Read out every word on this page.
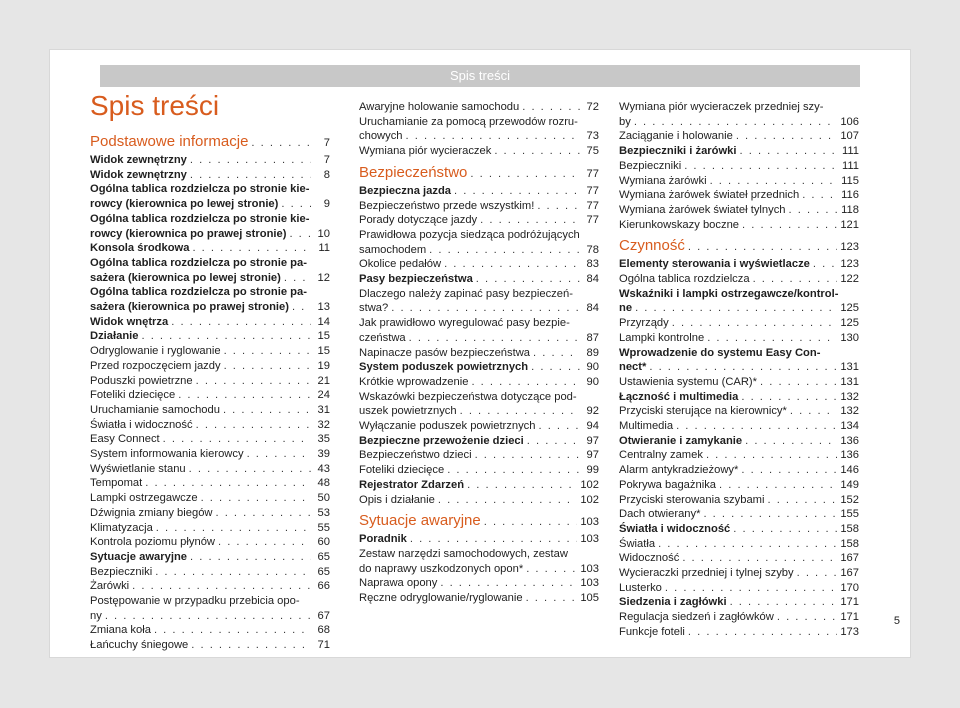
Spis treści
Spis treści
Podstawowe informacje . . .	7
Widok zewnętrzny . . .	7
Widok zewnętrzny . . .	8
Ogólna tablica rozdzielcza po stronie kie-
rowcy (kierownica po lewej stronie) . . .	9
Ogólna tablica rozdzielcza po stronie kie-
rowcy (kierownica po prawej stronie) . . .	10
Konsola środkowa . . .	11
Ogólna tablica rozdzielcza po stronie pa-
sażera (kierownica po lewej stronie) . . .	12
Ogólna tablica rozdzielcza po stronie pa-
sażera (kierownica po prawej stronie) . . .	13
Widok wnętrza . . .	14
Działanie . . .	15
Odryglowanie i ryglowanie . . .	15
Przed rozpoczęciem jazdy . . .	19
Poduszki powietrzne . . .	21
Foteliki dziecięce . . .	24
Uruchamianie samochodu . . .	31
Światła i widoczność . . .	32
Easy Connect . . .	35
System informowania kierowcy . . .	39
Wyświetlanie stanu . . .	43
Tempomat . . .	48
Lampki ostrzegawcze . . .	50
Dźwignia zmiany biegów . . .	53
Klimatyzacja . . .	55
Kontrola poziomu płynów . . .	60
Sytuacje awaryjne . . .	65
Bezpieczniki . . .	65
Żarówki . . .	66
Postępowanie w przypadku przebicia opo-
ny . . .	67
Zmiana koła . . .	68
Łańcuchy śniegowe . . .	71
Awaryjne holowanie samochodu . . .	72
Uruchamianie za pomocą przewodów rozru-
chowych . . .	73
Wymiana piór wycieraczek . . .	75
Bezpieczeństwo . . .	77
Bezpieczna jazda . . .	77
Bezpieczeństwo przede wszystkim! . . .	77
Porady dotyczące jazdy . . .	77
Prawidłowa pozycja siedząca podróżujących
samochodem . . .	78
Okolice pedałów . . .	83
Pasy bezpieczeństwa . . .	84
Dlaczego należy zapinać pasy bezpieczeń-
stwa? . . .	84
Jak prawidłowo wyregulować pasy bezpie-
czeństwa . . .	87
Napinacze pasów bezpieczeństwa . . .	89
System poduszek powietrznych . . .	90
Krótkie wprowadzenie . . .	90
Wskazówki bezpieczeństwa dotyczące pod-
uszek powietrznych . . .	92
Wyłączanie poduszek powietrznych . . .	94
Bezpieczne przewożenie dzieci . . .	97
Bezpieczeństwo dzieci . . .	97
Foteliki dziecięce . . .	99
Rejestrator Zdarzeń . . .	102
Opis i działanie . . .	102
Sytuacje awaryjne . . .	103
Poradnik . . .	103
Zestaw narzędzi samochodowych, zestaw
do naprawy uszkodzonych opon* . . .	103
Naprawa opony . . .	103
Ręczne odryglowanie/ryglowanie . . .	105
Wymiana piór wycieraczek przedniej szy-
by . . .	106
Zaciąganie i holowanie . . .	107
Bezpieczniki i żarówki . . .	111
Bezpieczniki . . .	111
Wymiana żarówki . . .	115
Wymiana żarówek świateł przednich . . .	116
Wymiana żarówek świateł tylnych . . .	118
Kierunkowskazy boczne . . .	121
Czynność . . .	123
Elementy sterowania i wyświetlacze . . .	123
Ogólna tablica rozdzielcza . . .	122
Wskaźniki i lampki ostrzegawcze/kontrol-
ne . . .	125
Przyrządy . . .	125
Lampki kontrolne . . .	130
Wprowadzenie do systemu Easy Con-
nect* . . .	131
Ustawienia systemu (CAR)* . . .	131
Łączność i multimedia . . .	132
Przyciski sterujące na kierownicy* . . .	132
Multimedia . . .	134
Otwieranie i zamykanie . . .	136
Centralny zamek . . .	136
Alarm antykradzieżowy* . . .	146
Pokrywa bagażnika . . .	149
Przyciski sterowania szybami . . .	152
Dach otwierany* . . .	155
Światła i widoczność . . .	158
Światła . . .	158
Widoczność . . .	167
Wycieraczki przedniej i tylnej szyby . . .	167
Lusterko . . .	170
Siedzenia i zagłówki . . .	171
Regulacja siedzeń i zagłówków . . .	171
Funkcje foteli . . .	173
5
